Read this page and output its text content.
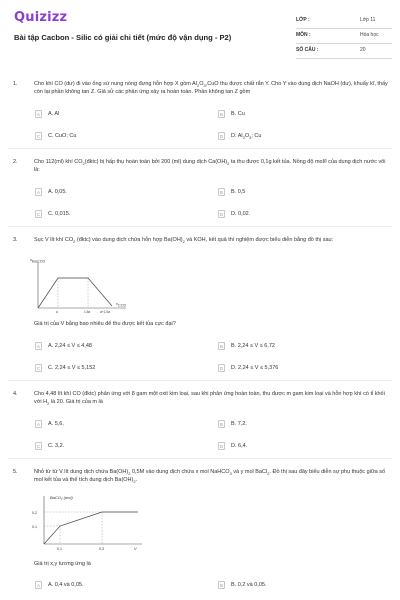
Quizizz
Bài tập Cacbon - Silic có giải chi tiết (mức độ vận dụng - P2)
LỚP :	Lớp 11
MÔN :	Hóa học
SỐ CÂU :	20
1.	Cho khí CO (dư) đi vào ống sứ nung nóng đựng hỗn hợp X gồm $Al_2O_3,CuO$ thu được chất rắn Y. Cho Y vào dung dịch NaOH (dư), khuấy kĩ, thấy còn lại phần không tan Z. Giả sử các phản ứng xảy ra hoàn toàn. Phần không tan Z gồm
A	A. Al	B	B. Cu
C	C. CuO; Cu	D	D. $Al_2O_3$; Cu
2.	Cho 112(ml) khí $CO_2(đktc)$ bị hấp thụ hoàn toàn bởi 200 (ml) dung dịch $Ca(OH)_2$ ta thu được 0,1g kết tủa. Nồng độ mol/l của dung dịch nước vôi là:
A	A. 0,05.	B	B. 0,5
C	C. 0,015.	D	D. 0,02.
3.	Sục V lít khí $CO_2$ (đktc) vào dung dịch chứa hỗn hợp $Ba(OH)_2$ và KOH, kết quả thí nghiệm được biểu diễn bằng đồ thị sau:
$n_{BaCO3}$
$n_{CO2}$
a	1,5a	a+1,5a
Giá trị của V bằng bao nhiêu để thu được kết tủa cực đại?
A	A. 2,24 ≤ V ≤ 4,48	B	B. 2,24 ≤ V ≤ 6,72
C	C. 2,24 ≤ V ≤ 5,152	D	D. 2,24 ≤ V ≤ 5,376
4.	Cho 4,48 lít khí CO (đktc) phản ứng với 8 gam một oxit kim loại, sau khi phản ứng hoàn toàn, thu được m gam kim loại và hỗn hợp khí có tỉ khối với $H_2$ là 20. Giá trị của m là
A	A. 5,6.	B	B. 7,2.
C	C. 3,2.	D	D. 6,4.
5.	Nhỏ từ từ V lít dung dịch chứa $Ba(OH)_2$ 0,5M vào dung dịch chứa x mol NaHCO$_3$ và y mol BaCl$_2$. Đồ thị sau đây biểu diễn sự phụ thuộc giữa số mol kết tủa và thể tích dung dịch $Ba(OH)_2$.
BaCO₃ (mol)
0,2
0,1
0,1	0,3	V
Giá trị x,y tương ứng là
A	A. 0,4 và 0,05.	B	B. 0,2 và 0,05.
